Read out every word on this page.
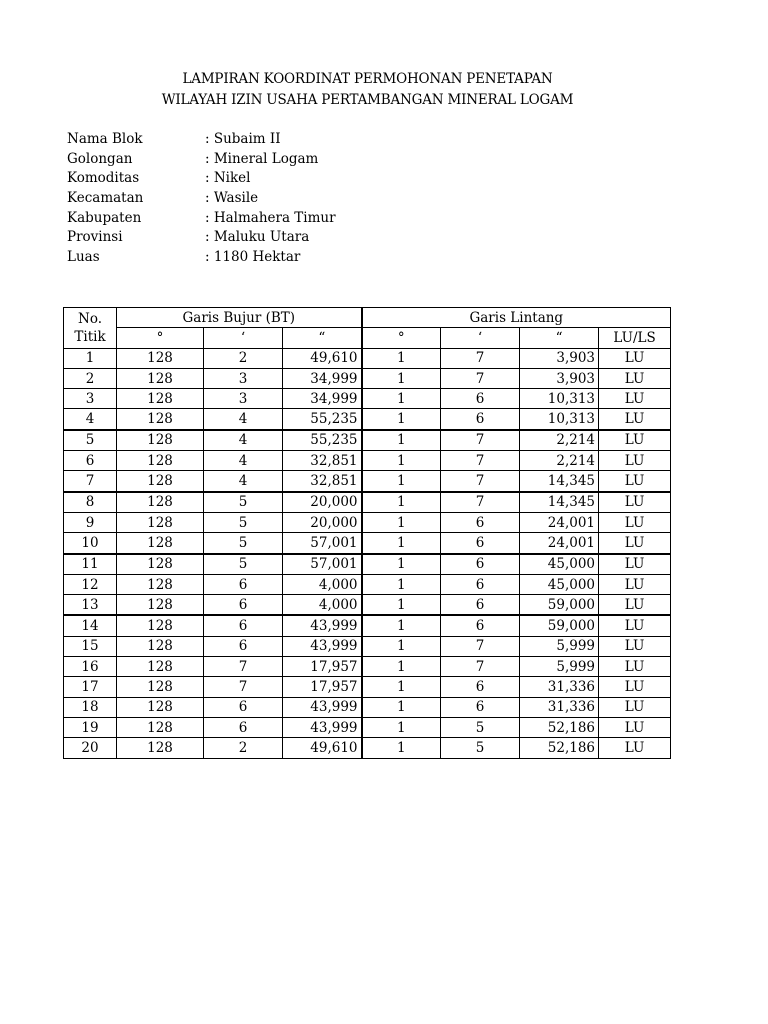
LAMPIRAN KOORDINAT PERMOHONAN PENETAPAN
WILAYAH IZIN USAHA PERTAMBANGAN MINERAL LOGAM
Nama Blok	: Subaim II
Golongan	: Mineral Logam
Komoditas	: Nikel
Kecamatan	: Wasile
Kabupaten	: Halmahera Timur
Provinsi	: Maluku Utara
Luas	: 1180 Hektar
No.
Titik	Garis Bujur (BT)			Garis Lintang			
	°	‘	“	°	‘	“	LU/LS
1	128	2	49,610	1	7	3,903	LU
2	128	3	34,999	1	7	3,903	LU
3	128	3	34,999	1	6	10,313	LU
4	128	4	55,235	1	6	10,313	LU
5	128	4	55,235	1	7	2,214	LU
6	128	4	32,851	1	7	2,214	LU
7	128	4	32,851	1	7	14,345	LU
8	128	5	20,000	1	7	14,345	LU
9	128	5	20,000	1	6	24,001	LU
10	128	5	57,001	1	6	24,001	LU
11	128	5	57,001	1	6	45,000	LU
12	128	6	4,000	1	6	45,000	LU
13	128	6	4,000	1	6	59,000	LU
14	128	6	43,999	1	6	59,000	LU
15	128	6	43,999	1	7	5,999	LU
16	128	7	17,957	1	7	5,999	LU
17	128	7	17,957	1	6	31,336	LU
18	128	6	43,999	1	6	31,336	LU
19	128	6	43,999	1	5	52,186	LU
20	128	2	49,610	1	5	52,186	LU
